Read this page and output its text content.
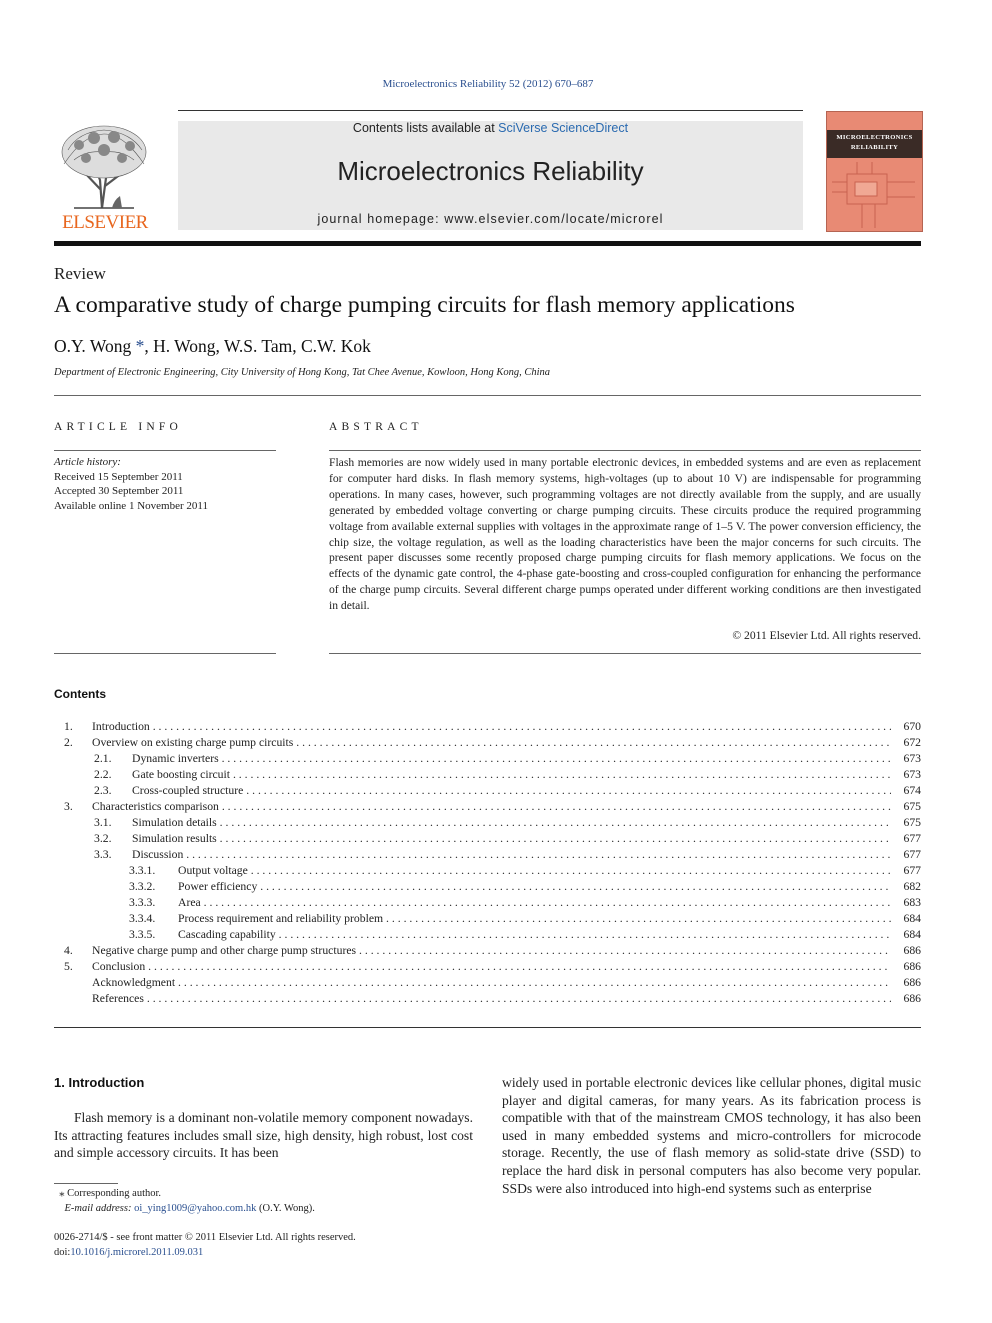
Microelectronics Reliability 52 (2012) 670–687
ELSEVIER
Contents lists available at SciVerse ScienceDirect
Microelectronics Reliability
journal homepage: www.elsevier.com/locate/microrel
MICROELECTRONICS RELIABILITY
Review
A comparative study of charge pumping circuits for flash memory applications
O.Y. Wong *, H. Wong, W.S. Tam, C.W. Kok
Department of Electronic Engineering, City University of Hong Kong, Tat Chee Avenue, Kowloon, Hong Kong, China
ARTICLE INFO
Article history:
Received 15 September 2011
Accepted 30 September 2011
Available online 1 November 2011
ABSTRACT
Flash memories are now widely used in many portable electronic devices, in embedded systems and are even as replacement for computer hard disks. In flash memory systems, high-voltages (up to about 10 V) are indispensable for programming operations. In many cases, however, such programming voltages are not directly available from the supply, and are usually generated by embedded voltage converting or charge pumping circuits. These circuits produce the required programming voltage from available external supplies with voltages in the approximate range of 1–5 V. The power conversion efficiency, the chip size, the voltage regulation, as well as the loading characteristics have been the major concerns for such circuits. The present paper discusses some recently proposed charge pumping circuits for flash memory applications. We focus on the effects of the dynamic gate control, the 4-phase gate-boosting and cross-coupled configuration for enhancing the performance of the charge pump circuits. Several different charge pumps operated under different working conditions are then investigated in detail.
© 2011 Elsevier Ltd. All rights reserved.
Contents
1. Introduction . . .	670
2. Overview on existing charge pump circuits . . .	672
2.1. Dynamic inverters . . .	673
2.2. Gate boosting circuit . . .	673
2.3. Cross-coupled structure . . .	674
3. Characteristics comparison . . .	675
3.1. Simulation details . . .	675
3.2. Simulation results . . .	677
3.3. Discussion . . .	677
3.3.1. Output voltage . . .	677
3.3.2. Power efficiency . . .	682
3.3.3. Area . . .	683
3.3.4. Process requirement and reliability problem . . .	684
3.3.5. Cascading capability . . .	684
4. Negative charge pump and other charge pump structures . . .	686
5. Conclusion . . .	686
Acknowledgment . . .	686
References . . .	686
1. Introduction
Flash memory is a dominant non-volatile memory component nowadays. Its attracting features includes small size, high density, high robust, lost cost and simple accessory circuits. It has been
widely used in portable electronic devices like cellular phones, digital music player and digital cameras, for many years. As its fabrication process is compatible with that of the mainstream CMOS technology, it has also been used in many embedded systems and micro-controllers for microcode storage. Recently, the use of flash memory as solid-state drive (SSD) to replace the hard disk in personal computers has also become very popular. SSDs were also introduced into high-end systems such as enterprise
⁎ Corresponding author.
E-mail address: oi_ying1009@yahoo.com.hk (O.Y. Wong).
0026-2714/$ - see front matter © 2011 Elsevier Ltd. All rights reserved.
doi:10.1016/j.microrel.2011.09.031
